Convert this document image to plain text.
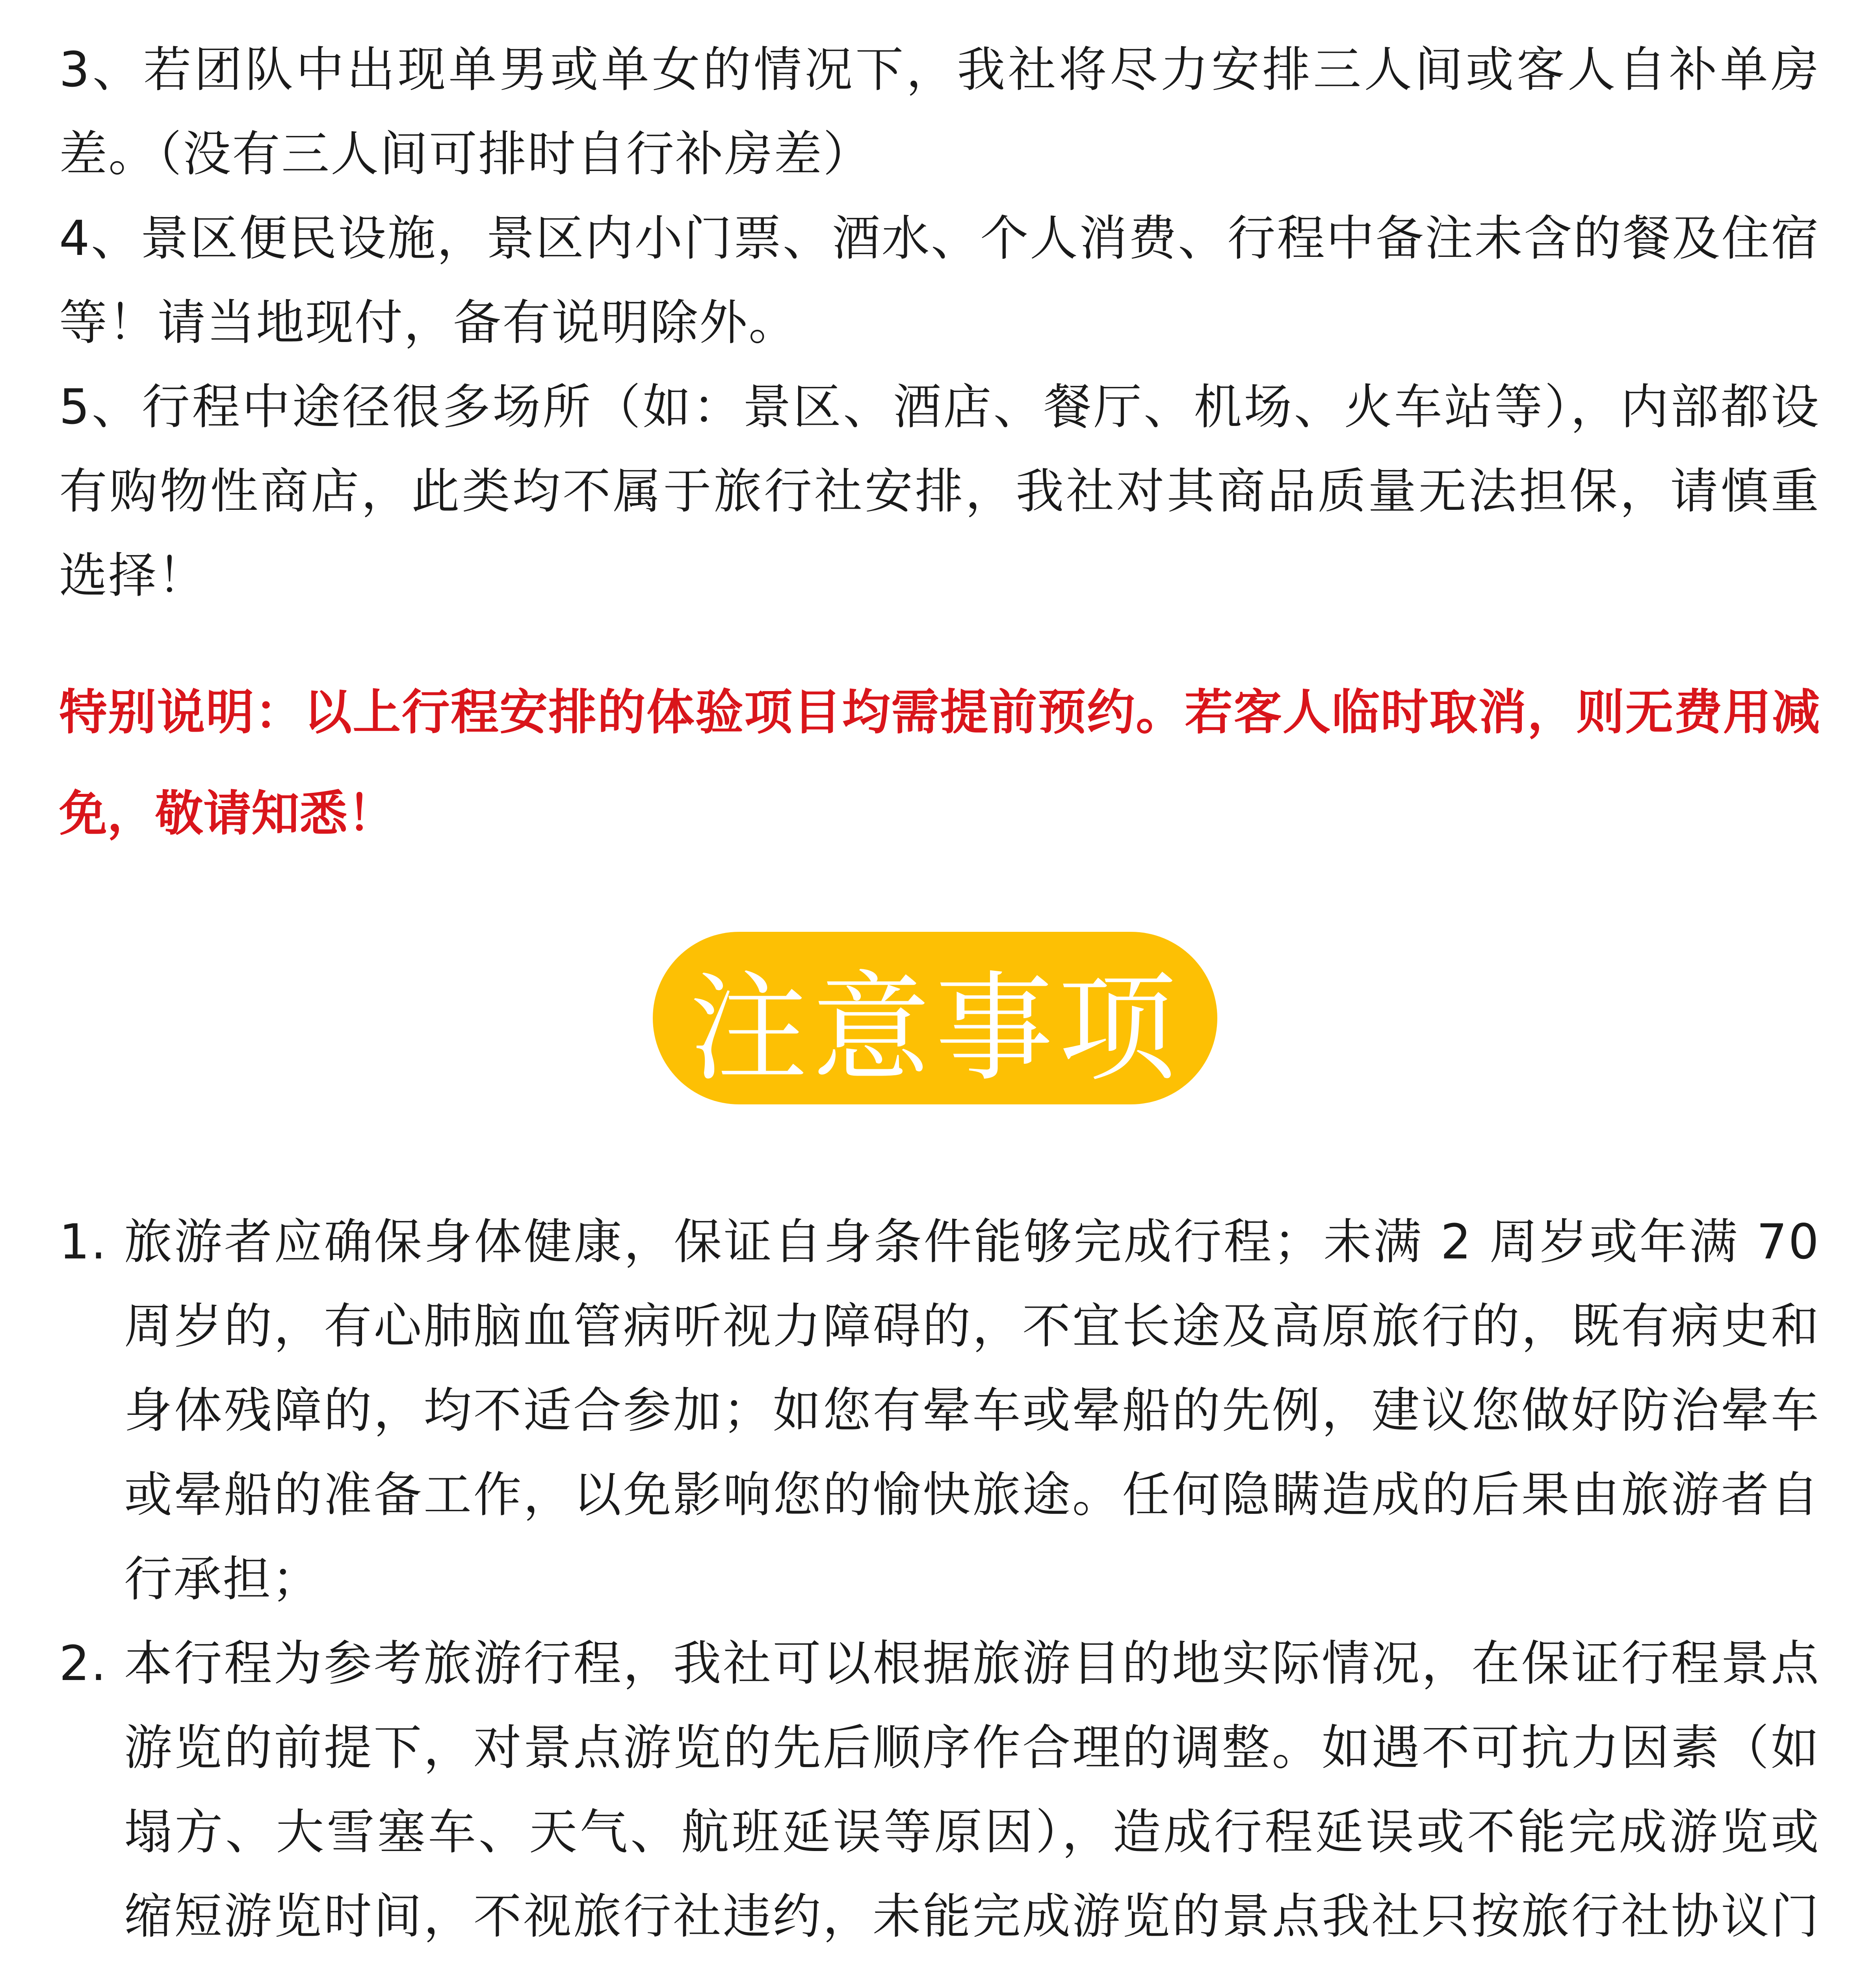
3、若团队中出现单男或单女的情况下，我社将尽力安排三人间或客人自补单房差。（没有三人间可排时自行补房差）

4、景区便民设施，景区内小门票、酒水、个人消费、行程中备注未含的餐及住宿等！请当地现付，备有说明除外。

5、行程中途径很多场所（如：景区、酒店、餐厅、机场、火车站等），内部都设有购物性商店，此类均不属于旅行社安排，我社对其商品质量无法担保，请慎重选择！

特别说明：以上行程安排的体验项目均需提前预约。若客人临时取消，则无费用减免，敬请知悉！
注意事项
1. 旅游者应确保身体健康，保证自身条件能够完成行程；未满 2 周岁或年满 70 周岁的，有心肺脑血管病听视力障碍的，不宜长途及高原旅行的，既有病史和身体残障的，均不适合参加；如您有晕车或晕船的先例，建议您做好防治晕车或晕船的准备工作，以免影响您的愉快旅途。任何隐瞒造成的后果由旅游者自行承担；

2. 本行程为参考旅游行程，我社可以根据旅游目的地实际情况，在保证行程景点游览的前提下，对景点游览的先后顺序作合理的调整。如遇不可抗力因素（如塌方、大雪塞车、天气、航班延误等原因），造成行程延误或不能完成游览或缩短游览时间，不视旅行社违约，未能完成游览的景点我社只按旅行社协议门
